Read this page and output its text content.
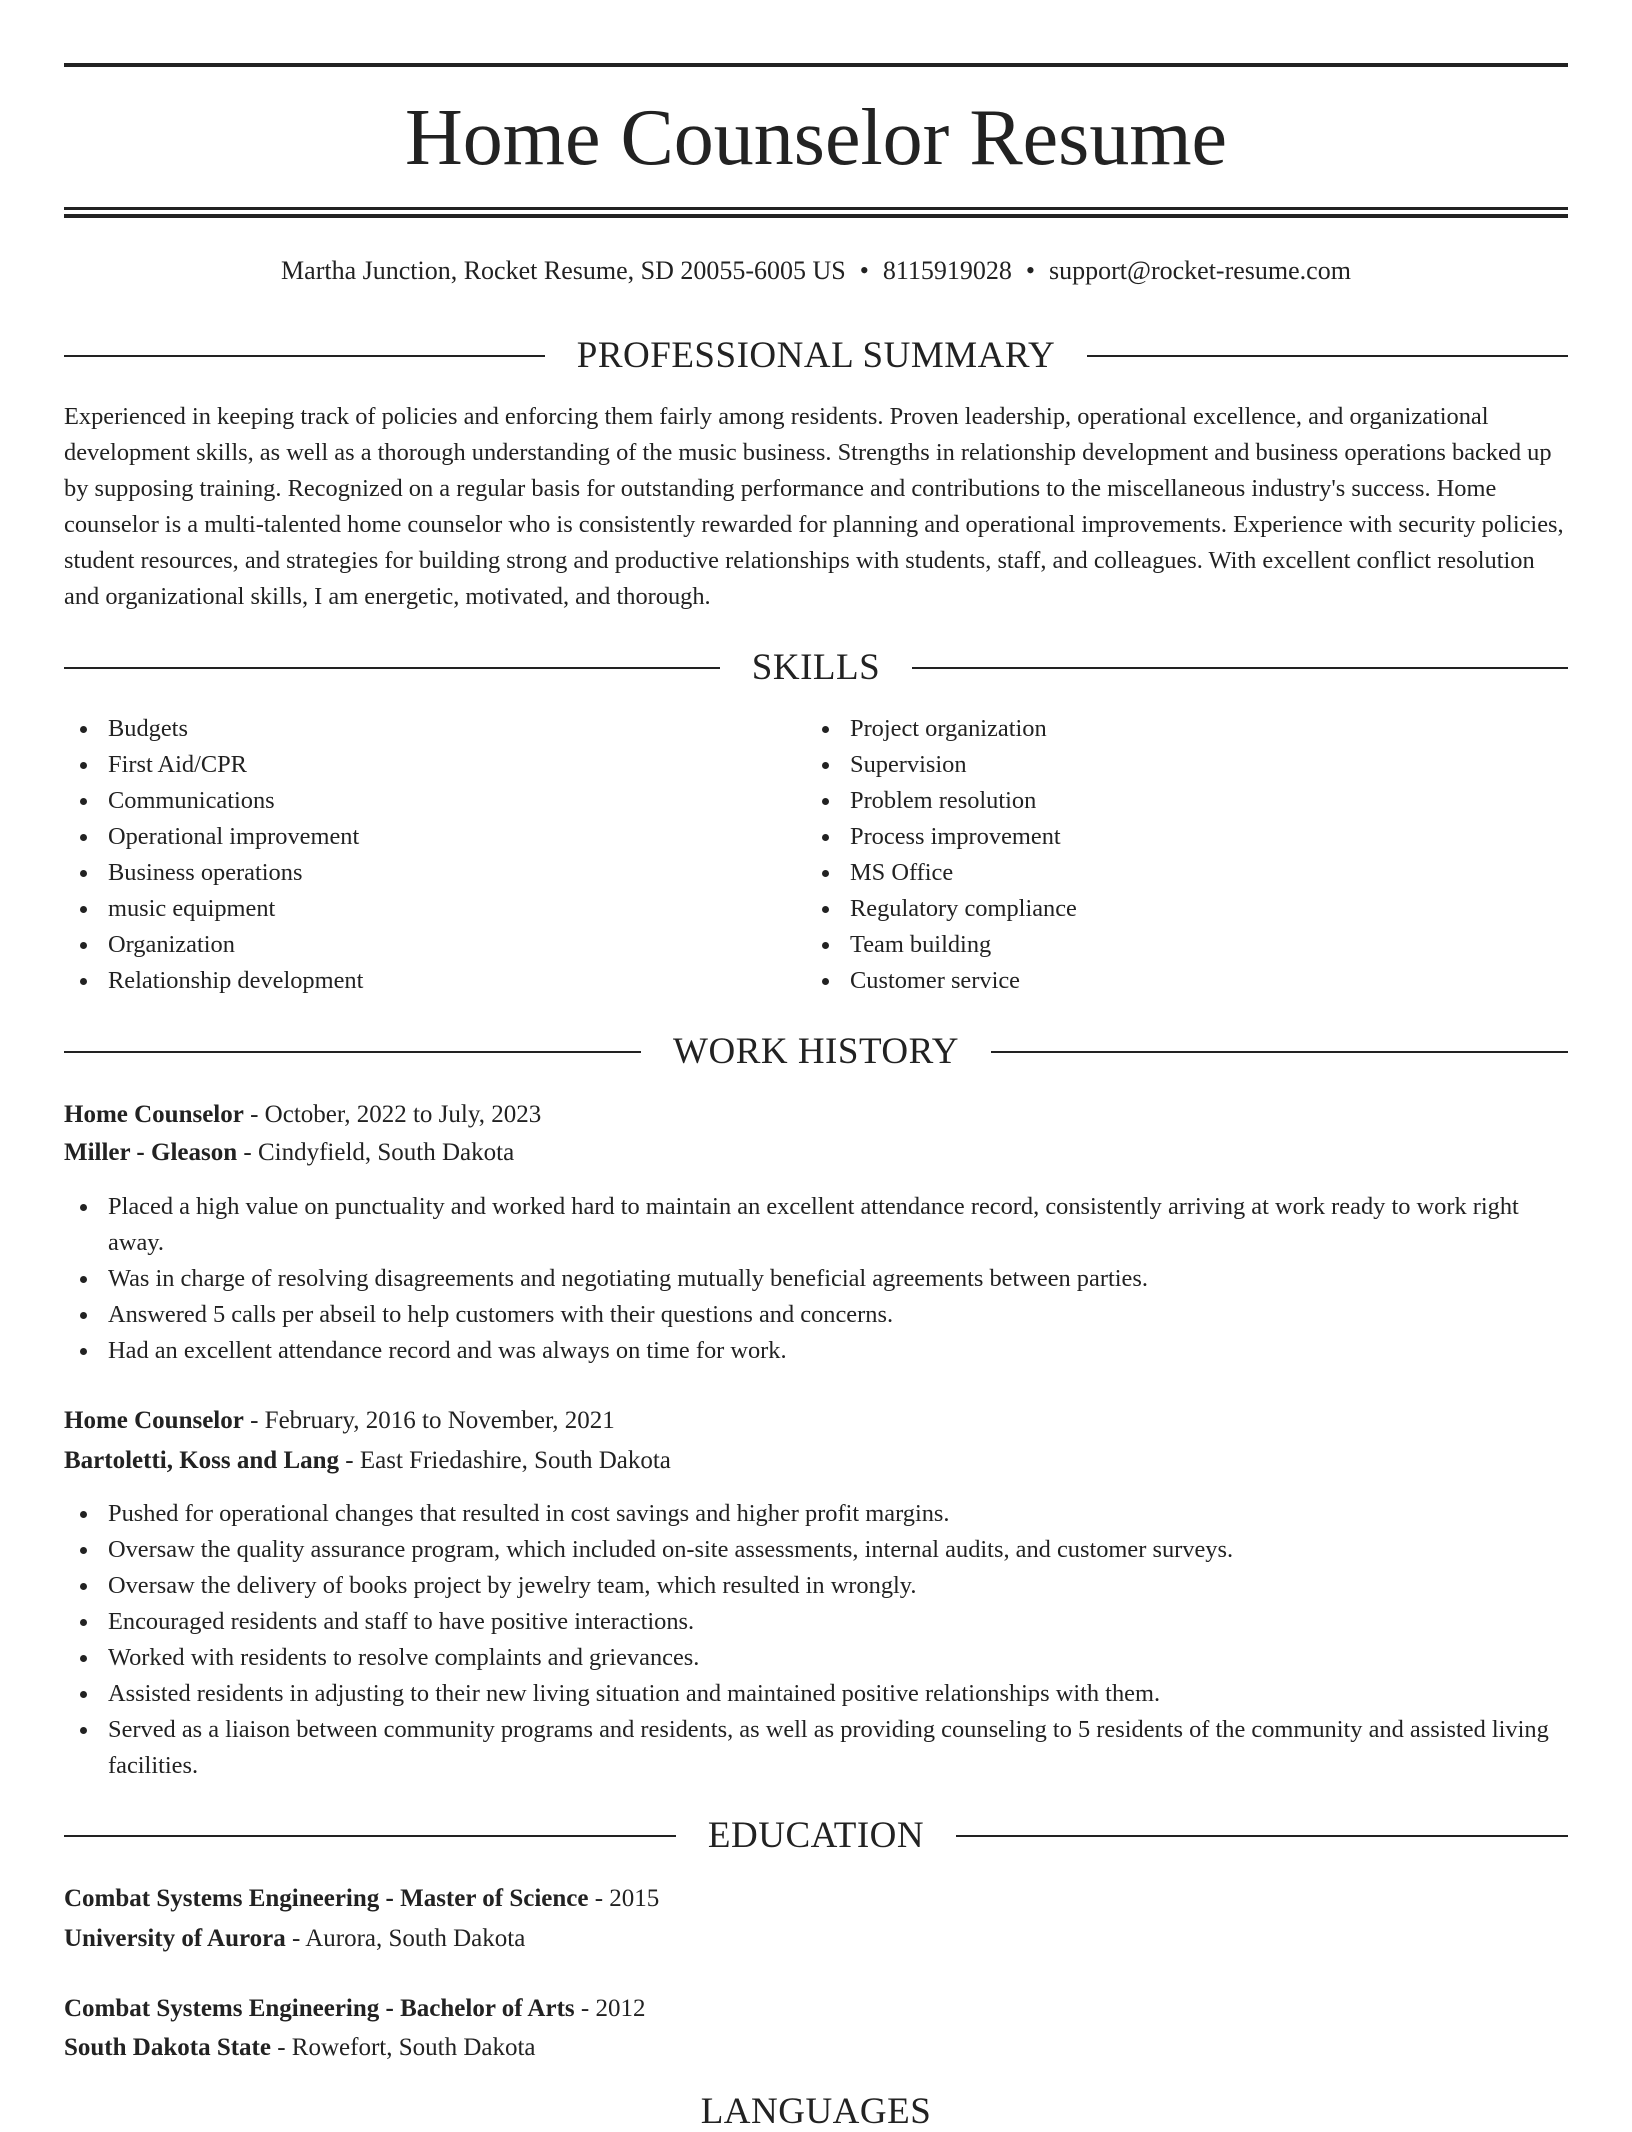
Home Counselor Resume
Martha Junction, Rocket Resume, SD 20055-6005 US • 8115919028 • support@rocket-resume.com
PROFESSIONAL SUMMARY

Experienced in keeping track of policies and enforcing them fairly among residents. Proven leadership, operational excellence, and organizational development skills, as well as a thorough understanding of the music business. Strengths in relationship development and business operations backed up by supposing training. Recognized on a regular basis for outstanding performance and contributions to the miscellaneous industry's success. Home counselor is a multi-talented home counselor who is consistently rewarded for planning and operational improvements. Experience with security policies, student resources, and strategies for building strong and productive relationships with students, staff, and colleagues. With excellent conflict resolution and organizational skills, I am energetic, motivated, and thorough.

SKILLS
Budgets
First Aid/CPR
Communications
Operational improvement
Business operations
music equipment
Organization
Relationship development
Project organization
Supervision
Problem resolution
Process improvement
MS Office
Regulatory compliance
Team building
Customer service
WORK HISTORY
Home Counselor - October, 2022 to July, 2023
Miller - Gleason - Cindyfield, South Dakota
Placed a high value on punctuality and worked hard to maintain an excellent attendance record, consistently arriving at work ready to work right away.
Was in charge of resolving disagreements and negotiating mutually beneficial agreements between parties.
Answered 5 calls per abseil to help customers with their questions and concerns.
Had an excellent attendance record and was always on time for work.
Home Counselor - February, 2016 to November, 2021
Bartoletti, Koss and Lang - East Friedashire, South Dakota
Pushed for operational changes that resulted in cost savings and higher profit margins.
Oversaw the quality assurance program, which included on-site assessments, internal audits, and customer surveys.
Oversaw the delivery of books project by jewelry team, which resulted in wrongly.
Encouraged residents and staff to have positive interactions.
Worked with residents to resolve complaints and grievances.
Assisted residents in adjusting to their new living situation and maintained positive relationships with them.
Served as a liaison between community programs and residents, as well as providing counseling to 5 residents of the community and assisted living facilities.
EDUCATION
Combat Systems Engineering - Master of Science - 2015
University of Aurora - Aurora, South Dakota
Combat Systems Engineering - Bachelor of Arts - 2012
South Dakota State - Rowefort, South Dakota
LANGUAGES
